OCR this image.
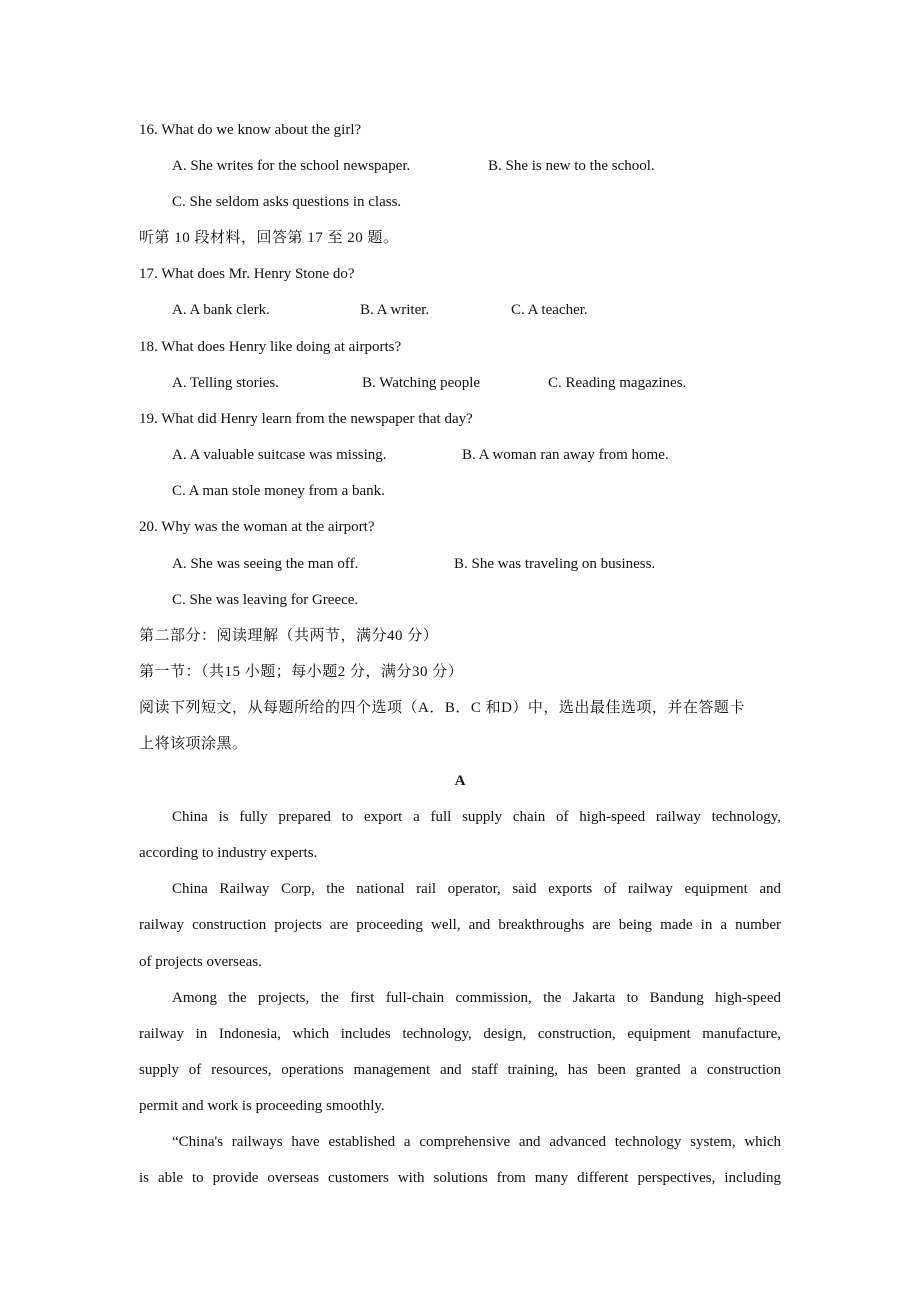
16. What do we know about the girl?
A. She writes for the school newspaper.	B. She is new to the school.
C. She seldom asks questions in class.
听第 10 段材料，回答第 17 至 20 题。
17. What does Mr. Henry Stone do?
A. A bank clerk.	B. A writer.	C. A teacher.
18. What does Henry like doing at airports?
A. Telling stories.	B. Watching people	C. Reading magazines.
19. What did Henry learn from the newspaper that day?
A. A valuable suitcase was missing.	B. A woman ran away from home.
C. A man stole money from a bank.
20. Why was the woman at the airport?
A. She was seeing the man off.	B. She was traveling on business.
C. She was leaving for Greece.
第二部分：阅读理解（共两节，满分40 分）
第一节：（共15 小题；每小题2 分，满分30 分）
阅读下列短文，从每题所给的四个选项（A．B．C 和D）中，选出最佳选项，并在答题卡
上将该项涂黑。
A
China is fully prepared to export a full supply chain of high-speed railway technology,
according to industry experts.
China Railway Corp, the national rail operator, said exports of railway equipment and
railway construction projects are proceeding well, and breakthroughs are being made in a number
of projects overseas.
Among the projects, the first full-chain commission, the Jakarta to Bandung high-speed
railway in Indonesia, which includes technology, design, construction, equipment manufacture,
supply of resources, operations management and staff training, has been granted a construction
permit and work is proceeding smoothly.
“China's railways have established a comprehensive and advanced technology system, which
is able to provide overseas customers with solutions from many different perspectives, including
